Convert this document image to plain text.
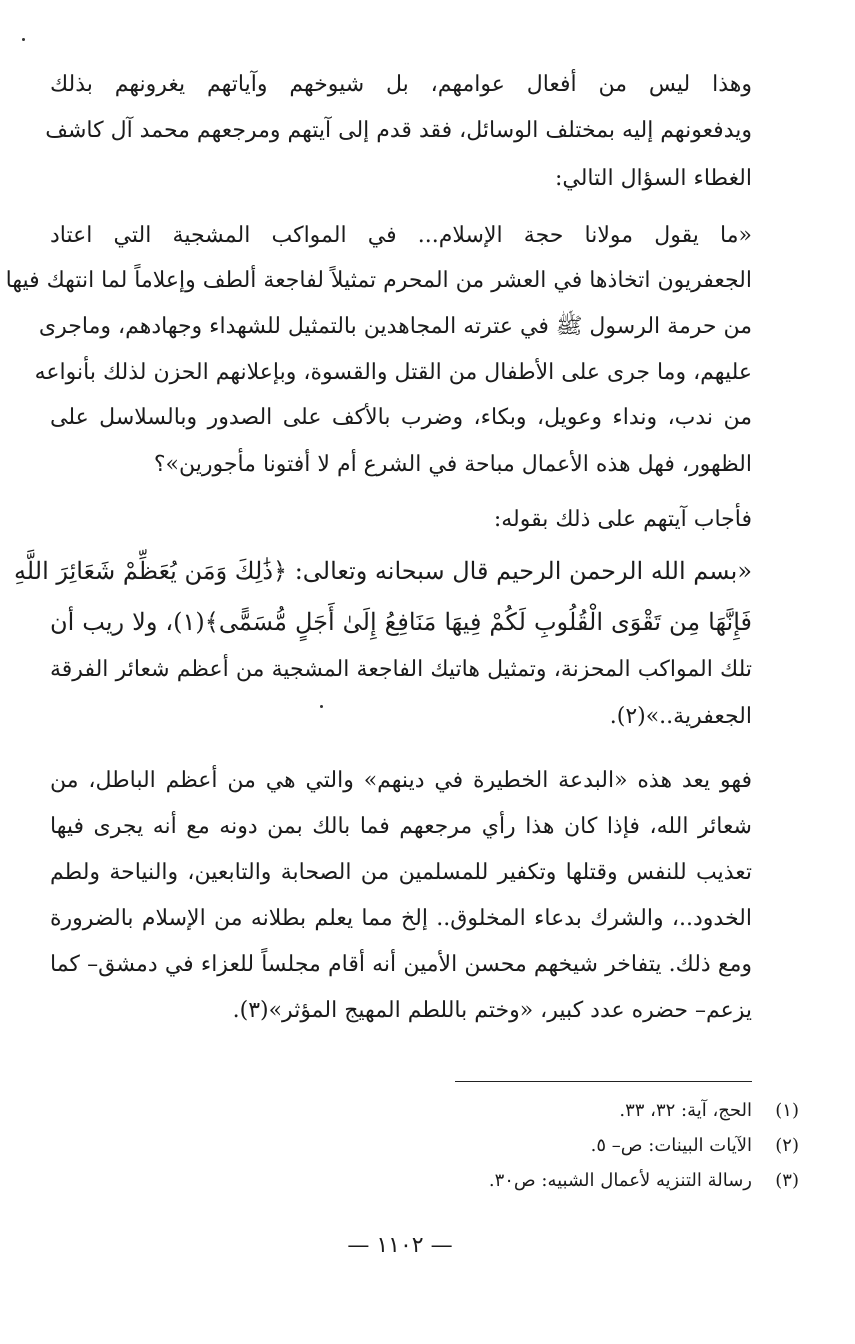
وهذا ليس من أفعال عوامهم، بل شيوخهم وآياتهم يغرونهم بذلك
ويدفعونهم إليه بمختلف الوسائل، فقد قدم إلى آيتهم ومرجعهم محمد آل كاشف
الغطاء السؤال التالي:
«ما يقول مولانا حجة الإسلام... في المواكب المشجية التي اعتاد
الجعفريون اتخاذها في العشر من المحرم تمثيلاً لفاجعة ألطف وإعلاماً لما انتهك فيها
من حرمة الرسول ﷺ في عترته المجاهدين بالتمثيل للشهداء وجهادهم، وماجرى
عليهم، وما جرى على الأطفال من القتل والقسوة، وبإعلانهم الحزن لذلك بأنواعه
من ندب، ونداء وعويل، وبكاء، وضرب بالأكف على الصدور وبالسلاسل على
الظهور، فهل هذه الأعمال مباحة في الشرع أم لا أفتونا مأجورين»؟
فأجاب آيتهم على ذلك بقوله:
«بسم الله الرحمن الرحيم قال سبحانه وتعالى: ﴿ذَٰلِكَ وَمَن يُعَظِّمْ شَعَائِرَ اللَّهِ
فَإِنَّهَا مِن تَقْوَى الْقُلُوبِ لَكُمْ فِيهَا مَنَافِعُ إِلَىٰ أَجَلٍ مُّسَمًّى﴾(١)، ولا ريب أن
تلك المواكب المحزنة، وتمثيل هاتيك الفاجعة المشجية من أعظم شعائر الفرقة
الجعفرية..»(٢).
فهو يعد هذه «البدعة الخطيرة في دينهم» والتي هي من أعظم الباطل، من
شعائر الله، فإذا كان هذا رأي مرجعهم فما بالك بمن دونه مع أنه يجرى فيها
تعذيب للنفس وقتلها وتكفير للمسلمين من الصحابة والتابعين، والنياحة ولطم
الخدود..، والشرك بدعاء المخلوق.. إلخ مما يعلم بطلانه من الإسلام بالضرورة
ومع ذلك. يتفاخر شيخهم محسن الأمين أنه أقام مجلساً للعزاء في دمشق– كما
يزعم– حضره عدد كبير، «وختم باللطم المهيج المؤثر»(٣).
(١)
الحج، آية: ٣٢، ٣٣.
(٢)
الآيات البينات: ص– ٥.
(٣)
رسالة التنزيه لأعمال الشبيه: ص٣٠.
— ١١٠٢ —
